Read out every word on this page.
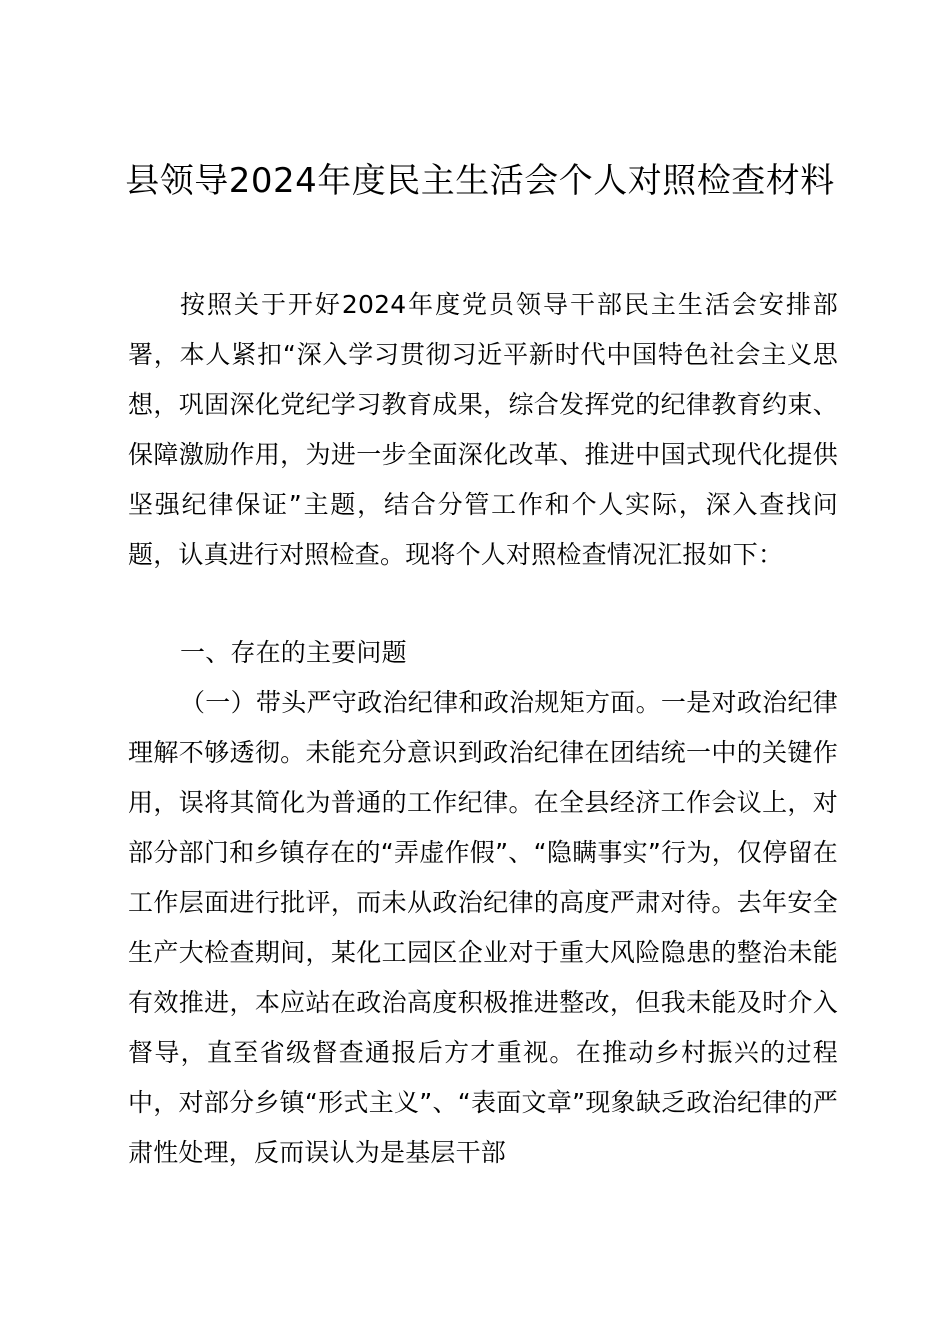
县领导2024年度民主生活会个人对照检查材料

按照关于开好2024年度党员领导干部民主生活会安排部署，本人紧扣“深入学习贯彻习近平新时代中国特色社会主义思想，巩固深化党纪学习教育成果，综合发挥党的纪律教育约束、保障激励作用，为进一步全面深化改革、推进中国式现代化提供坚强纪律保证”主题，结合分管工作和个人实际，深入查找问题，认真进行对照检查。现将个人对照检查情况汇报如下：

一、存在的主要问题

（一）带头严守政治纪律和政治规矩方面。一是对政治纪律理解不够透彻。未能充分意识到政治纪律在团结统一中的关键作用，误将其简化为普通的工作纪律。在全县经济工作会议上，对部分部门和乡镇存在的“弄虚作假”、“隐瞒事实”行为，仅停留在工作层面进行批评，而未从政治纪律的高度严肃对待。去年安全生产大检查期间，某化工园区企业对于重大风险隐患的整治未能有效推进，本应站在政治高度积极推进整改，但我未能及时介入督导，直至省级督查通报后方才重视。在推动乡村振兴的过程中，对部分乡镇“形式主义”、“表面文章”现象缺乏政治纪律的严肃性处理，反而误认为是基层干部
